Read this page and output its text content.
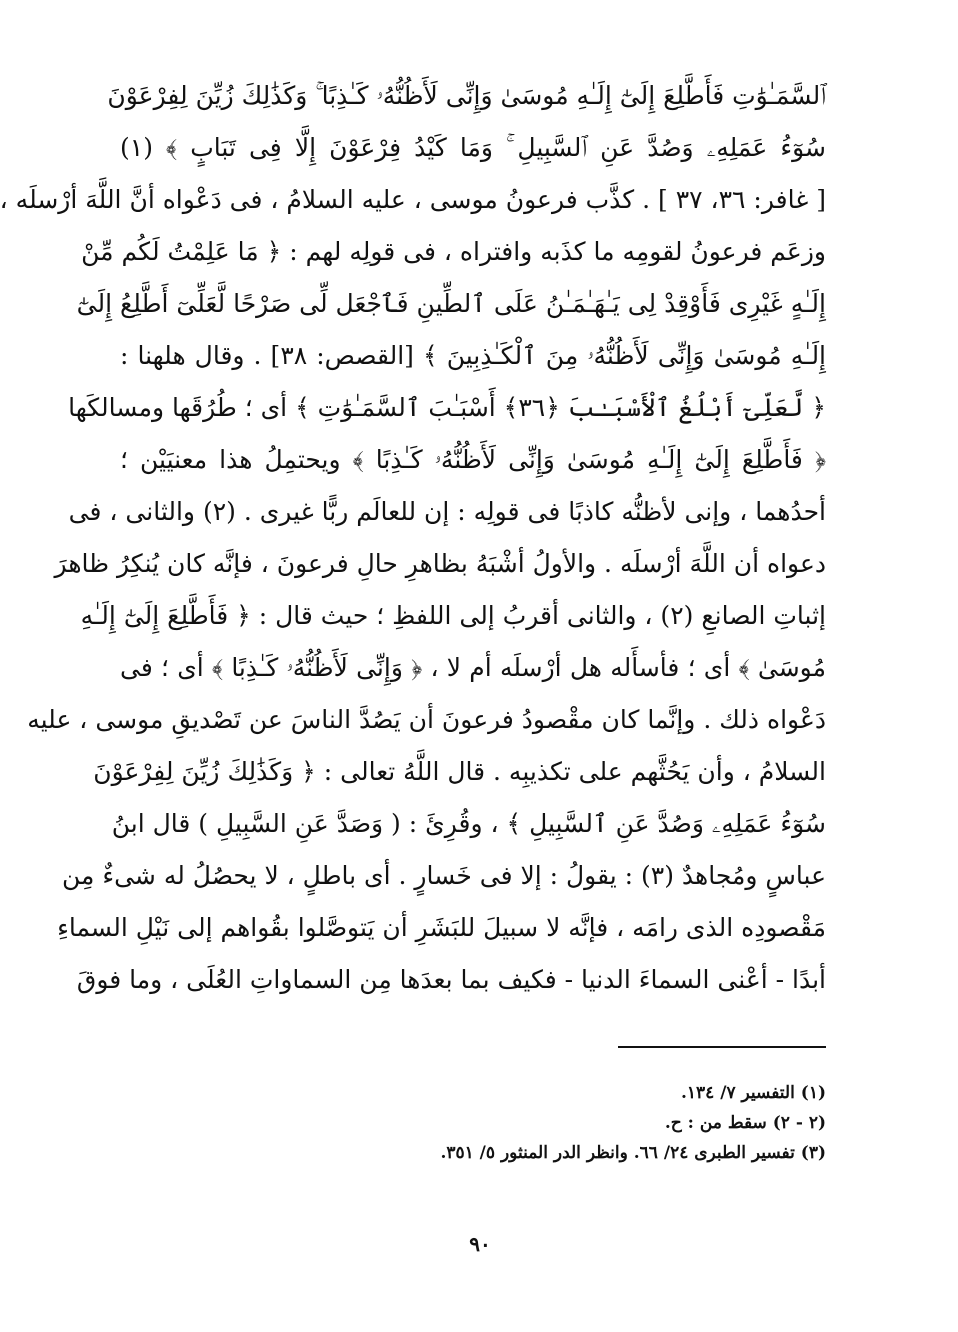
ٱلسَّمَـٰوَٰتِ فَأَطَّلِعَ إِلَىٰٓ إِلَـٰهِ مُوسَىٰ وَإِنِّى لَأَظُنُّهُۥ كَـٰذِبًا ۚ وَكَذَٰلِكَ زُيِّنَ لِفِرْعَوْنَ
سُوٓءُ عَمَلِهِۦ وَصُدَّ عَنِ ٱلسَّبِيلِ ۚ وَمَا كَيْدُ فِرْعَوْنَ إِلَّا فِى تَبَابٍ ﴾ (١)
[ غافر: ٣٦، ٣٧ ] . كذَّب فرعونُ موسى ، عليه السلامُ ، فى دَعْواه أنَّ اللَّهَ أرْسلَه ،
وزعَم فرعونُ لقومِه ما كذَبه وافتراه ، فى قولِه لهم : ﴿ مَا عَلِمْتُ لَكُم مِّنْ
إِلَـٰهٍ غَيْرِى فَأَوْقِدْ لِى يَـٰهَـٰمَـٰنُ عَلَى ٱلطِّينِ فَٱجْعَل لِّى صَرْحًا لَّعَلِّىٓ أَطَّلِعُ إِلَىٰٓ
إِلَـٰهِ مُوسَىٰ وَإِنِّى لَأَظُنُّهُۥ مِنَ ٱلْكَـٰذِبِينَ ﴾ [القصص: ٣٨] . وقال هلهنا :
﴿ لَّعَلِّىٓ أَبْلُغُ ٱلْأَسْبَـٰبَ ﴿٣٦﴾ أَسْبَـٰبَ ٱلسَّمَـٰوَٰتِ ﴾ أى ؛ طُرُقَها ومسالكَها
﴿ فَأَطَّلِعَ إِلَىٰٓ إِلَـٰهِ مُوسَىٰ وَإِنِّى لَأَظُنُّهُۥ كَـٰذِبًا ﴾ ويحتمِلُ هذا معنيَيْن ؛
أحدُهما ، وإنى لأظنُّه كاذبًا فى قولِه : إن للعالَم ربًّا غيرى . (٢) والثانى ، فى
دعواه أن اللَّهَ أرْسلَه . والأولُ أشْبَهُ بظاهرِ حالِ فرعونَ ، فإنَّه كان يُنكِرُ ظاهرَ
إثباتِ الصانعِ (٢) ، والثانى أقربُ إلى اللفظِ ؛ حيث قال : ﴿ فَأَطَّلِعَ إِلَىٰٓ إِلَـٰهِ
مُوسَىٰ ﴾ أى ؛ فأسأَله هل أرْسلَه أم لا ، ﴿ وَإِنِّى لَأَظُنُّهُۥ كَـٰذِبًا ﴾ أى ؛ فى
دَعْواه ذلك . وإنَّما كان مقْصودُ فرعونَ أن يَصُدَّ الناسَ عن تَصْديقِ موسى ، عليه
السلامُ ، وأن يَحُثَّهم على تكذيبِه . قال اللَّهُ تعالى : ﴿ وَكَذَٰلِكَ زُيِّنَ لِفِرْعَوْنَ
سُوٓءُ عَمَلِهِۦ وَصُدَّ عَنِ ٱلسَّبِيلِ ﴾ ، وقُرِئَ : ( وَصَدَّ عَنِ السَّبِيلِ ) قال ابنُ
عباسٍ ومُجاهدٌ (٣) : يقولُ : إلا فى خَسارٍ . أى باطلٍ ، لا يحصُلُ له شىءٌ مِن
مَقْصودِه الذى رامَه ، فإنَّه لا سبيلَ للبَشَرِ أن يَتوصَّلوا بقُواهم إلى نَيْلِ السماءِ
أبدًا - أعْنى السماءَ الدنيا - فكيف بما بعدَها مِن السماواتِ العُلَى ، وما فوقَ
(١) التفسير ٧/ ١٣٤.
(٢ - ٢) سقط من : ح.
(٣) تفسير الطبرى ٢٤/ ٦٦. وانظر الدر المنثور ٥/ ٣٥١.
٩٠
